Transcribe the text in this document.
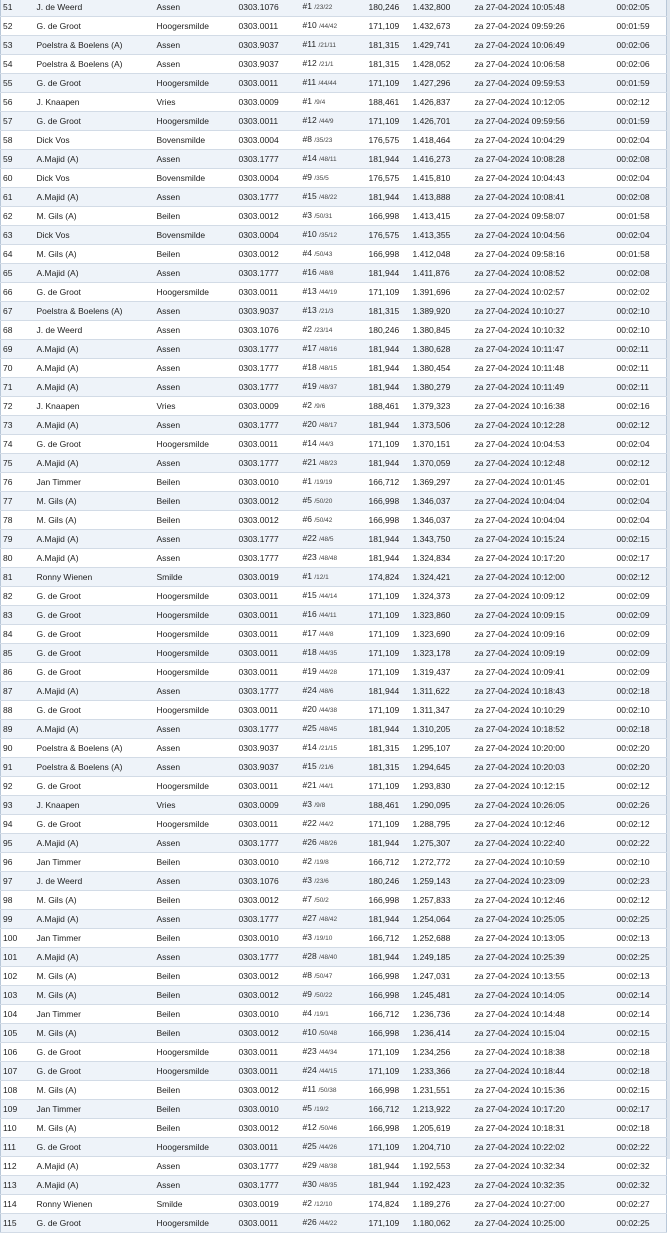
51	J. de Weerd	Assen	0303.1076	#1 /23/22	180,246	1.432,800	za 27-04-2024 10:05:48	00:02:05
52	G. de Groot	Hoogersmilde	0303.0011	#10 /44/42	171,109	1.432,673	za 27-04-2024 09:59:26	00:01:59
53	Poelstra & Boelens (A)	Assen	0303.9037	#11 /21/11	181,315	1.429,741	za 27-04-2024 10:06:49	00:02:06
54	Poelstra & Boelens (A)	Assen	0303.9037	#12 /21/1	181,315	1.428,052	za 27-04-2024 10:06:58	00:02:06
55	G. de Groot	Hoogersmilde	0303.0011	#11 /44/44	171,109	1.427,296	za 27-04-2024 09:59:53	00:01:59
56	J. Knaapen	Vries	0303.0009	#1 /9/4	188,461	1.426,837	za 27-04-2024 10:12:05	00:02:12
57	G. de Groot	Hoogersmilde	0303.0011	#12 /44/9	171,109	1.426,701	za 27-04-2024 09:59:56	00:01:59
58	Dick Vos	Bovensmilde	0303.0004	#8 /35/23	176,575	1.418,464	za 27-04-2024 10:04:29	00:02:04
59	A.Majid (A)	Assen	0303.1777	#14 /48/11	181,944	1.416,273	za 27-04-2024 10:08:28	00:02:08
60	Dick Vos	Bovensmilde	0303.0004	#9 /35/5	176,575	1.415,810	za 27-04-2024 10:04:43	00:02:04
61	A.Majid (A)	Assen	0303.1777	#15 /48/22	181,944	1.413,888	za 27-04-2024 10:08:41	00:02:08
62	M. Gils (A)	Beilen	0303.0012	#3 /50/31	166,998	1.413,415	za 27-04-2024 09:58:07	00:01:58
63	Dick Vos	Bovensmilde	0303.0004	#10 /35/12	176,575	1.413,355	za 27-04-2024 10:04:56	00:02:04
64	M. Gils (A)	Beilen	0303.0012	#4 /50/43	166,998	1.412,048	za 27-04-2024 09:58:16	00:01:58
65	A.Majid (A)	Assen	0303.1777	#16 /48/8	181,944	1.411,876	za 27-04-2024 10:08:52	00:02:08
66	G. de Groot	Hoogersmilde	0303.0011	#13 /44/19	171,109	1.391,696	za 27-04-2024 10:02:57	00:02:02
67	Poelstra & Boelens (A)	Assen	0303.9037	#13 /21/3	181,315	1.389,920	za 27-04-2024 10:10:27	00:02:10
68	J. de Weerd	Assen	0303.1076	#2 /23/14	180,246	1.380,845	za 27-04-2024 10:10:32	00:02:10
69	A.Majid (A)	Assen	0303.1777	#17 /48/16	181,944	1.380,628	za 27-04-2024 10:11:47	00:02:11
70	A.Majid (A)	Assen	0303.1777	#18 /48/15	181,944	1.380,454	za 27-04-2024 10:11:48	00:02:11
71	A.Majid (A)	Assen	0303.1777	#19 /48/37	181,944	1.380,279	za 27-04-2024 10:11:49	00:02:11
72	J. Knaapen	Vries	0303.0009	#2 /9/6	188,461	1.379,323	za 27-04-2024 10:16:38	00:02:16
73	A.Majid (A)	Assen	0303.1777	#20 /48/17	181,944	1.373,506	za 27-04-2024 10:12:28	00:02:12
74	G. de Groot	Hoogersmilde	0303.0011	#14 /44/3	171,109	1.370,151	za 27-04-2024 10:04:53	00:02:04
75	A.Majid (A)	Assen	0303.1777	#21 /48/23	181,944	1.370,059	za 27-04-2024 10:12:48	00:02:12
76	Jan Timmer	Beilen	0303.0010	#1 /19/19	166,712	1.369,297	za 27-04-2024 10:01:45	00:02:01
77	M. Gils (A)	Beilen	0303.0012	#5 /50/20	166,998	1.346,037	za 27-04-2024 10:04:04	00:02:04
78	M. Gils (A)	Beilen	0303.0012	#6 /50/42	166,998	1.346,037	za 27-04-2024 10:04:04	00:02:04
79	A.Majid (A)	Assen	0303.1777	#22 /48/5	181,944	1.343,750	za 27-04-2024 10:15:24	00:02:15
80	A.Majid (A)	Assen	0303.1777	#23 /48/48	181,944	1.324,834	za 27-04-2024 10:17:20	00:02:17
81	Ronny Wienen	Smilde	0303.0019	#1 /12/1	174,824	1.324,421	za 27-04-2024 10:12:00	00:02:12
82	G. de Groot	Hoogersmilde	0303.0011	#15 /44/14	171,109	1.324,373	za 27-04-2024 10:09:12	00:02:09
83	G. de Groot	Hoogersmilde	0303.0011	#16 /44/11	171,109	1.323,860	za 27-04-2024 10:09:15	00:02:09
84	G. de Groot	Hoogersmilde	0303.0011	#17 /44/8	171,109	1.323,690	za 27-04-2024 10:09:16	00:02:09
85	G. de Groot	Hoogersmilde	0303.0011	#18 /44/35	171,109	1.323,178	za 27-04-2024 10:09:19	00:02:09
86	G. de Groot	Hoogersmilde	0303.0011	#19 /44/28	171,109	1.319,437	za 27-04-2024 10:09:41	00:02:09
87	A.Majid (A)	Assen	0303.1777	#24 /48/6	181,944	1.311,622	za 27-04-2024 10:18:43	00:02:18
88	G. de Groot	Hoogersmilde	0303.0011	#20 /44/38	171,109	1.311,347	za 27-04-2024 10:10:29	00:02:10
89	A.Majid (A)	Assen	0303.1777	#25 /48/45	181,944	1.310,205	za 27-04-2024 10:18:52	00:02:18
90	Poelstra & Boelens (A)	Assen	0303.9037	#14 /21/15	181,315	1.295,107	za 27-04-2024 10:20:00	00:02:20
91	Poelstra & Boelens (A)	Assen	0303.9037	#15 /21/6	181,315	1.294,645	za 27-04-2024 10:20:03	00:02:20
92	G. de Groot	Hoogersmilde	0303.0011	#21 /44/1	171,109	1.293,830	za 27-04-2024 10:12:15	00:02:12
93	J. Knaapen	Vries	0303.0009	#3 /9/8	188,461	1.290,095	za 27-04-2024 10:26:05	00:02:26
94	G. de Groot	Hoogersmilde	0303.0011	#22 /44/2	171,109	1.288,795	za 27-04-2024 10:12:46	00:02:12
95	A.Majid (A)	Assen	0303.1777	#26 /48/26	181,944	1.275,307	za 27-04-2024 10:22:40	00:02:22
96	Jan Timmer	Beilen	0303.0010	#2 /19/8	166,712	1.272,772	za 27-04-2024 10:10:59	00:02:10
97	J. de Weerd	Assen	0303.1076	#3 /23/6	180,246	1.259,143	za 27-04-2024 10:23:09	00:02:23
98	M. Gils (A)	Beilen	0303.0012	#7 /50/2	166,998	1.257,833	za 27-04-2024 10:12:46	00:02:12
99	A.Majid (A)	Assen	0303.1777	#27 /48/42	181,944	1.254,064	za 27-04-2024 10:25:05	00:02:25
100	Jan Timmer	Beilen	0303.0010	#3 /19/10	166,712	1.252,688	za 27-04-2024 10:13:05	00:02:13
101	A.Majid (A)	Assen	0303.1777	#28 /48/40	181,944	1.249,185	za 27-04-2024 10:25:39	00:02:25
102	M. Gils (A)	Beilen	0303.0012	#8 /50/47	166,998	1.247,031	za 27-04-2024 10:13:55	00:02:13
103	M. Gils (A)	Beilen	0303.0012	#9 /50/22	166,998	1.245,481	za 27-04-2024 10:14:05	00:02:14
104	Jan Timmer	Beilen	0303.0010	#4 /19/1	166,712	1.236,736	za 27-04-2024 10:14:48	00:02:14
105	M. Gils (A)	Beilen	0303.0012	#10 /50/48	166,998	1.236,414	za 27-04-2024 10:15:04	00:02:15
106	G. de Groot	Hoogersmilde	0303.0011	#23 /44/34	171,109	1.234,256	za 27-04-2024 10:18:38	00:02:18
107	G. de Groot	Hoogersmilde	0303.0011	#24 /44/15	171,109	1.233,366	za 27-04-2024 10:18:44	00:02:18
108	M. Gils (A)	Beilen	0303.0012	#11 /50/38	166,998	1.231,551	za 27-04-2024 10:15:36	00:02:15
109	Jan Timmer	Beilen	0303.0010	#5 /19/2	166,712	1.213,922	za 27-04-2024 10:17:20	00:02:17
110	M. Gils (A)	Beilen	0303.0012	#12 /50/46	166,998	1.205,619	za 27-04-2024 10:18:31	00:02:18
111	G. de Groot	Hoogersmilde	0303.0011	#25 /44/26	171,109	1.204,710	za 27-04-2024 10:22:02	00:02:22
112	A.Majid (A)	Assen	0303.1777	#29 /48/38	181,944	1.192,553	za 27-04-2024 10:32:34	00:02:32
113	A.Majid (A)	Assen	0303.1777	#30 /48/35	181,944	1.192,423	za 27-04-2024 10:32:35	00:02:32
114	Ronny Wienen	Smilde	0303.0019	#2 /12/10	174,824	1.189,276	za 27-04-2024 10:27:00	00:02:27
115	G. de Groot	Hoogersmilde	0303.0011	#26 /44/22	171,109	1.180,062	za 27-04-2024 10:25:00	00:02:25
